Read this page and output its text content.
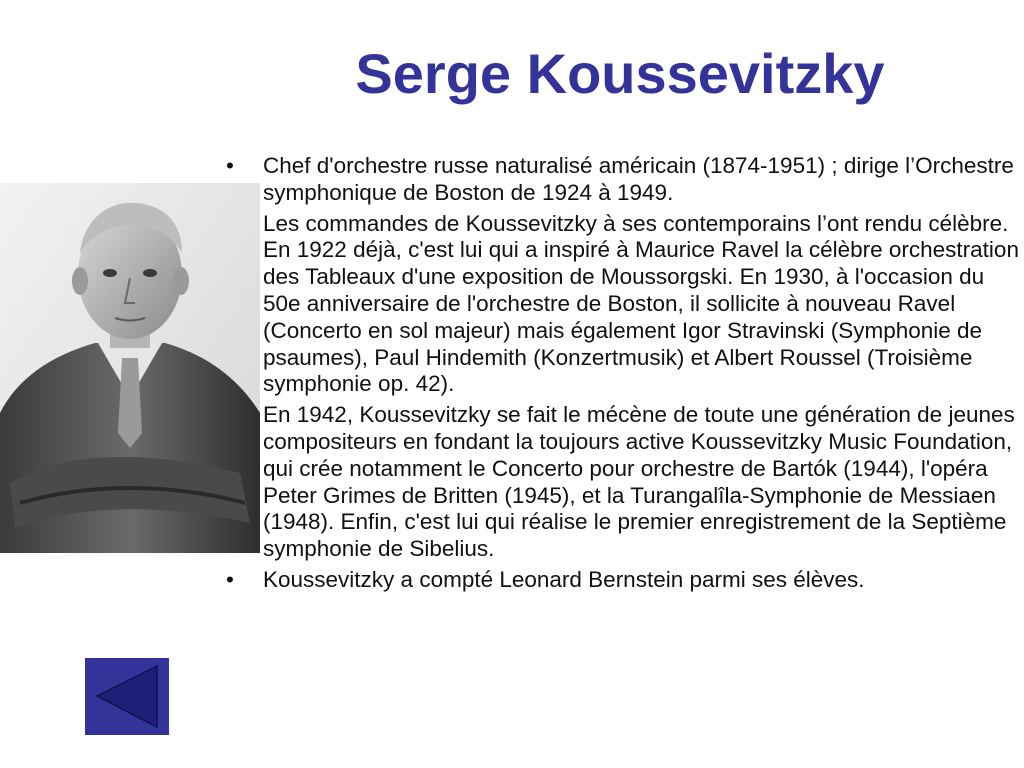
Serge Koussevitzky
• Chef d'orchestre russe naturalisé américain (1874-1951) ; dirige l’Orchestre symphonique de Boston de 1924 à 1949.
Les commandes de Koussevitzky à ses contemporains l’ont rendu célèbre. En 1922 déjà, c'est lui qui a inspiré à Maurice Ravel la célèbre orchestration des Tableaux d'une exposition de Moussorgski. En 1930, à l'occasion du 50e anniversaire de l'orchestre de Boston, il sollicite à nouveau Ravel (Concerto en sol majeur) mais également Igor Stravinski (Symphonie de psaumes), Paul Hindemith (Konzertmusik) et Albert Roussel (Troisième symphonie op. 42).
En 1942, Koussevitzky se fait le mécène de toute une génération de jeunes compositeurs en fondant la toujours active Koussevitzky Music Foundation, qui crée notamment le Concerto pour orchestre de Bartók (1944), l'opéra Peter Grimes de Britten (1945), et la Turangalîla-Symphonie de Messiaen (1948). Enfin, c'est lui qui réalise le premier enregistrement de la Septième symphonie de Sibelius.
• Koussevitzky a compté Leonard Bernstein parmi ses élèves.
